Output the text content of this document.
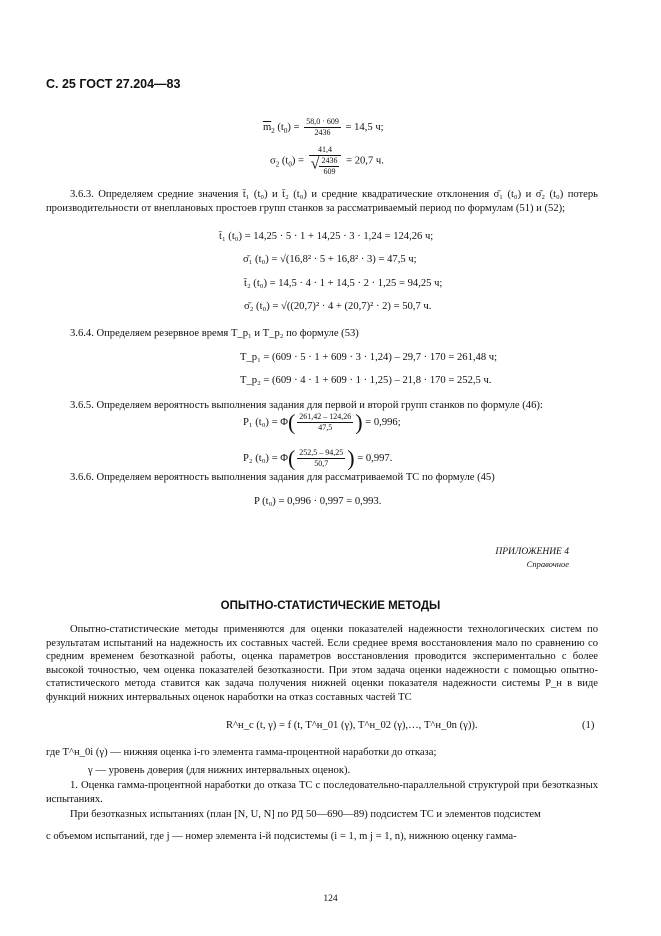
С. 25 ГОСТ 27.204—83
$\overline{m}_2$ $(t_0) = \frac{58,0 \cdot 609}{2436} = 14,5$ ч;
$\sigma_2$ $(t_0) = \frac{41,4}{√ \frac{2436}{609}} = 20,7$ ч.
3.6.3. Определяем средние значения t̄₁ (t₀) и t̄₂ (t₀) и средние квадратические отклонения σ̄₁ (t₀) и σ̄₂ (t₀) потерь производительности от внеплановых простоев групп станков за рассматриваемый период по формулам (51) и (52);
t̄₁ (t₀) = 14,25 · 5 · 1 + 14,25 · 3 · 1,24 = 124,26 ч;
σ̄₁ (t₀) = √(16,8² · 5 + 16,8² · 3) = 47,5 ч;
t̄₂ (t₀) = 14,5 · 4 · 1 + 14,5 · 2 · 1,25 = 94,25 ч;
σ̄₂ (t₀) = √((20,7)² · 4 + (20,7)² · 2) = 50,7 ч.
3.6.4. Определяем резервное время T_р₁ и T_р₂ по формуле (53)
T_р₁ = (609 · 5 · 1 + 609 · 3 · 1,24) – 29,7 · 170 = 261,48 ч;
T_р₂ = (609 · 4 · 1 + 609 · 1 · 1,25) – 21,8 · 170 = 252,5 ч.
3.6.5. Определяем вероятность выполнения задания для первой и второй групп станков по формуле (46):
P₁ $(t_0) = \Phi( \frac{261,42 - 124,26}{47,5}$ ) = 0,996;
P₂ $(t_0) = \Phi( \frac{252,5 - 94,25}{50,7}$ ) = 0,997.
3.6.6. Определяем вероятность выполнения задания для рассматриваемой ТС по формуле (45)
P (t₀) = 0,996 · 0,997 = 0,993.
ПРИЛОЖЕНИЕ 4
Справочное
ОПЫТНО-СТАТИСТИЧЕСКИЕ МЕТОДЫ
Опытно-статистические методы применяются для оценки показателей надежности технологических систем по результатам испытаний на надежность их составных частей. Если среднее время восстановления мало по сравнению со средним временем безотказной работы, оценка параметров восстановления проводится экспериментально с более высокой точностью, чем оценка показателей безотказности. При этом задача оценки надежности с помощью опытно-статистического метода ставится как задача получения нижней оценки показателя надежности системы P_н в виде функций нижних интервальных оценок наработки на отказ составных частей ТС
R^н_c (t, γ) = f (t, T^н_01 (γ), T^н_02 (γ),…, T^н_0n (γ)).	(1)
где T^н_0i (γ) — нижняя оценка i-го элемента гамма-процентной наработки до отказа;
γ — уровень доверия (для нижних интервальных оценок).
1. Оценка гамма-процентной наработки до отказа ТС с последовательно-параллельной структурой при безотказных испытаниях.
При безотказных испытаниях (план [N, U, N] по РД 50—690—89) подсистем ТС и элементов подсистем
с объемом испытаний, где j — номер элемента i-й подсистемы (i = 1, m j = 1, n), нижнюю оценку гамма-
124
